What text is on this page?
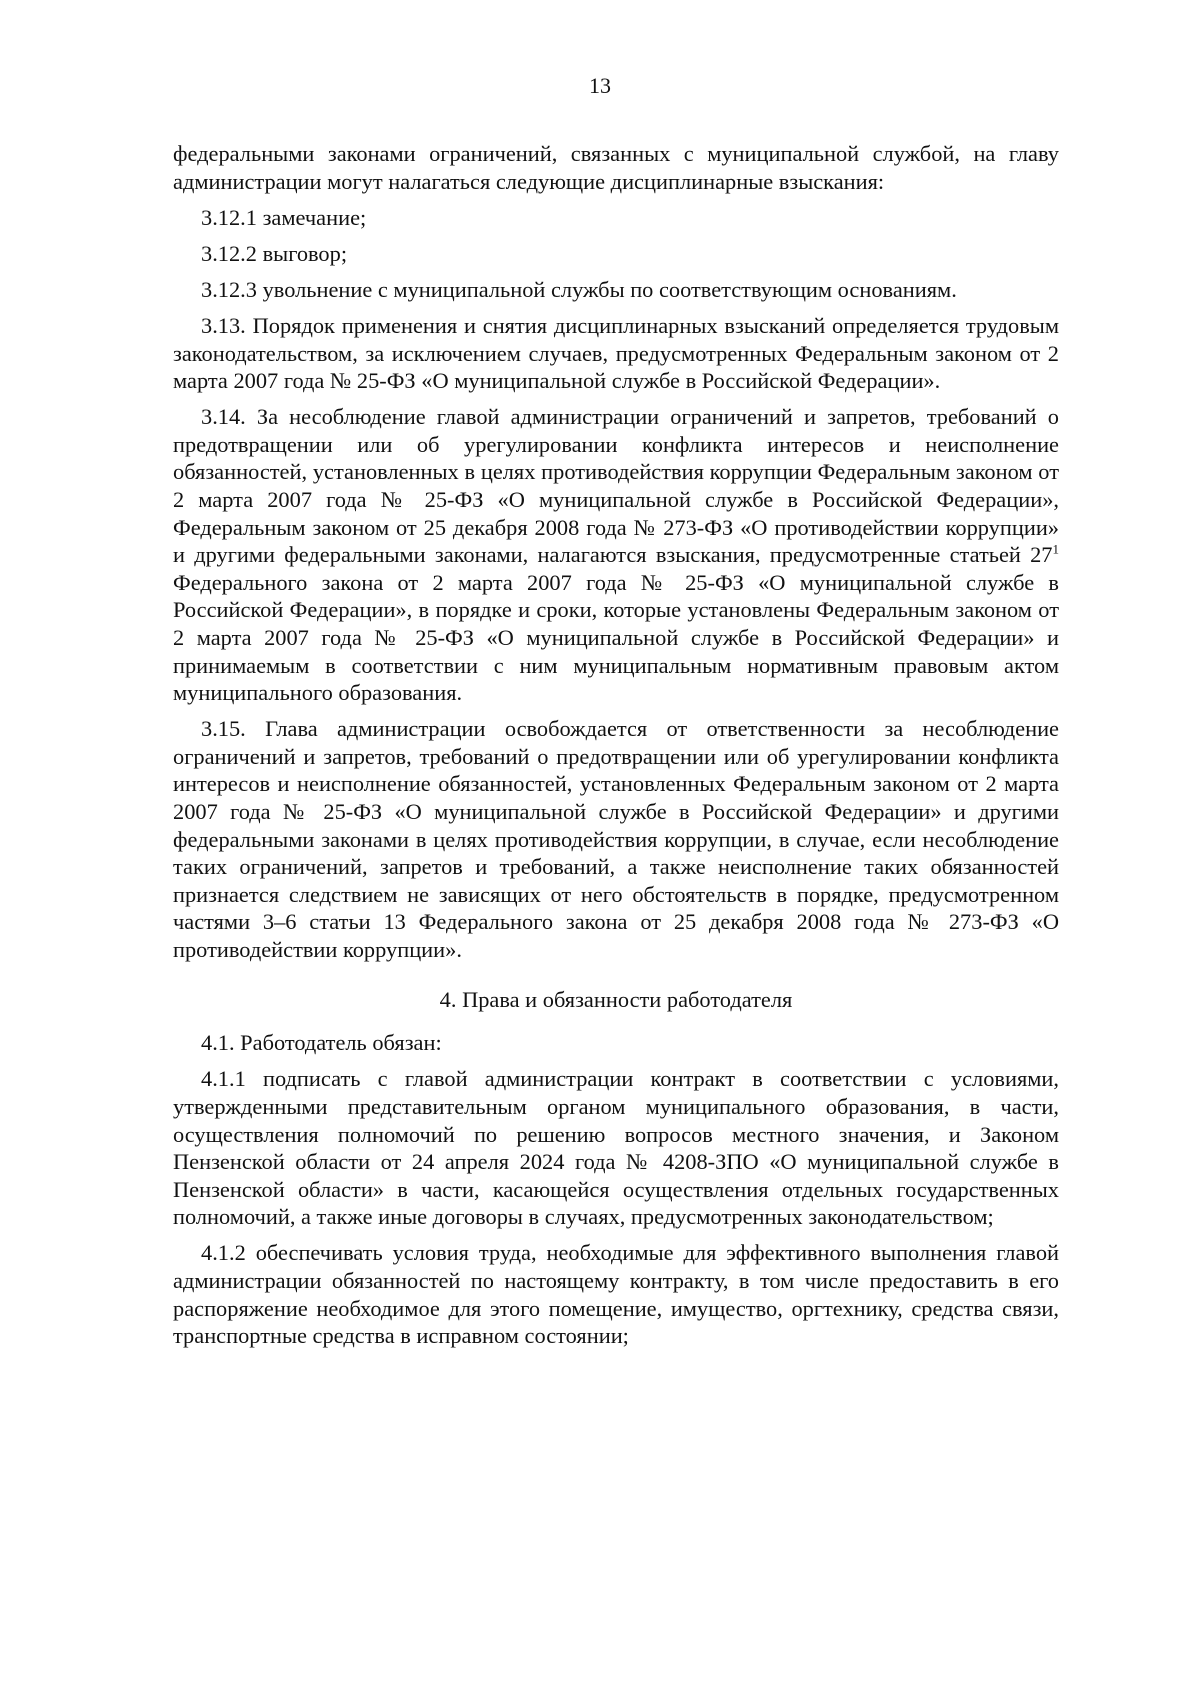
13

федеральными законами ограничений, связанных с муниципальной службой, на главу администрации могут налагаться следующие дисциплинарные взыскания:

3.12.1 замечание;

3.12.2 выговор;

3.12.3 увольнение с муниципальной службы по соответствующим основаниям.

3.13. Порядок применения и снятия дисциплинарных взысканий определяется трудовым законодательством, за исключением случаев, предусмотренных Федеральным законом от 2 марта 2007 года № 25-ФЗ «О муниципальной службе в Российской Федерации».

3.14. За несоблюдение главой администрации ограничений и запретов, требований о предотвращении или об урегулировании конфликта интересов и неисполнение обязанностей, установленных в целях противодействия коррупции Федеральным законом от 2 марта 2007 года № 25-ФЗ «О муниципальной службе в Российской Федерации», Федеральным законом от 25 декабря 2008 года № 273-ФЗ «О противодействии коррупции» и другими федеральными законами, налагаются взыскания, предусмотренные статьей $27^1$ Федерального закона от 2 марта 2007 года № 25-ФЗ «О муниципальной службе в Российской Федерации», в порядке и сроки, которые установлены Федеральным законом от 2 марта 2007 года № 25-ФЗ «О муниципальной службе в Российской Федерации» и принимаемым в соответствии с ним муниципальным нормативным правовым актом муниципального образования.

3.15. Глава администрации освобождается от ответственности за несоблюдение ограничений и запретов, требований о предотвращении или об урегулировании конфликта интересов и неисполнение обязанностей, установленных Федеральным законом от 2 марта 2007 года № 25-ФЗ «О муниципальной службе в Российской Федерации» и другими федеральными законами в целях противодействия коррупции, в случае, если несоблюдение таких ограничений, запретов и требований, а также неисполнение таких обязанностей признается следствием не зависящих от него обстоятельств в порядке, предусмотренном частями 3–6 статьи 13 Федерального закона от 25 декабря 2008 года № 273-ФЗ «О противодействии коррупции».

4. Права и обязанности работодателя

4.1. Работодатель обязан:

4.1.1 подписать с главой администрации контракт в соответствии с условиями, утвержденными представительным органом муниципального образования, в части, осуществления полномочий по решению вопросов местного значения, и Законом Пензенской области от 24 апреля 2024 года № 4208-ЗПО «О муниципальной службе в Пензенской области» в части, касающейся осуществления отдельных государственных полномочий, а также иные договоры в случаях, предусмотренных законодательством;

4.1.2 обеспечивать условия труда, необходимые для эффективного выполнения главой администрации обязанностей по настоящему контракту, в том числе предоставить в его распоряжение необходимое для этого помещение, имущество, оргтехнику, средства связи, транспортные средства в исправном состоянии;
